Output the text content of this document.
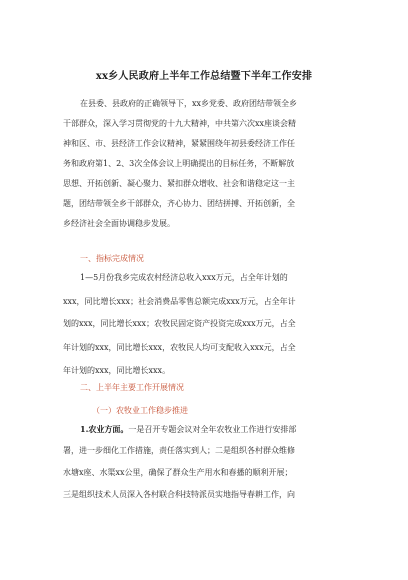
xx乡人民政府上半年工作总结暨下半年工作安排
在县委、县政府的正确领导下，xx乡党委、政府团结带领全乡
干部群众，深入学习贯彻党的十九大精神，中共第六次xx座谈会精
神和区、市、县经济工作会议精神，紧紧围绕年初县委经济工作任
务和政府第1、2、3次全体会议上明确提出的目标任务，不断解放
思想、开拓创新、凝心聚力、紧扣群众增收、社会和谐稳定这一主
题，团结带领全乡干部群众，齐心协力、团结拼搏、开拓创新，全
乡经济社会全面协调稳步发展。
一、指标完成情况
1—5月份我乡完成农村经济总收入xxx万元，占全年计划的
xxx，同比增长xxx；社会消费品零售总额完成xxx万元，占全年计
划的xxx，同比增长xxx；农牧民固定资产投资完成xxx万元，占全
年计划的xxx，同比增长xxx，农牧民人均可支配收入xxx元，占全
年计划的xxx，同比增长xxx。
二、上半年主要工作开展情况
（一）农牧业工作稳步推进
1.农业方面。一是召开专题会议对全年农牧业工作进行安排部
署，进一步细化工作措施，责任落实到人；二是组织各村群众维修
水塘x座、水渠xx公里，确保了群众生产用水和春播的顺利开展；
三是组织技术人员深入各村联合科技特派员实地指导春耕工作，向
